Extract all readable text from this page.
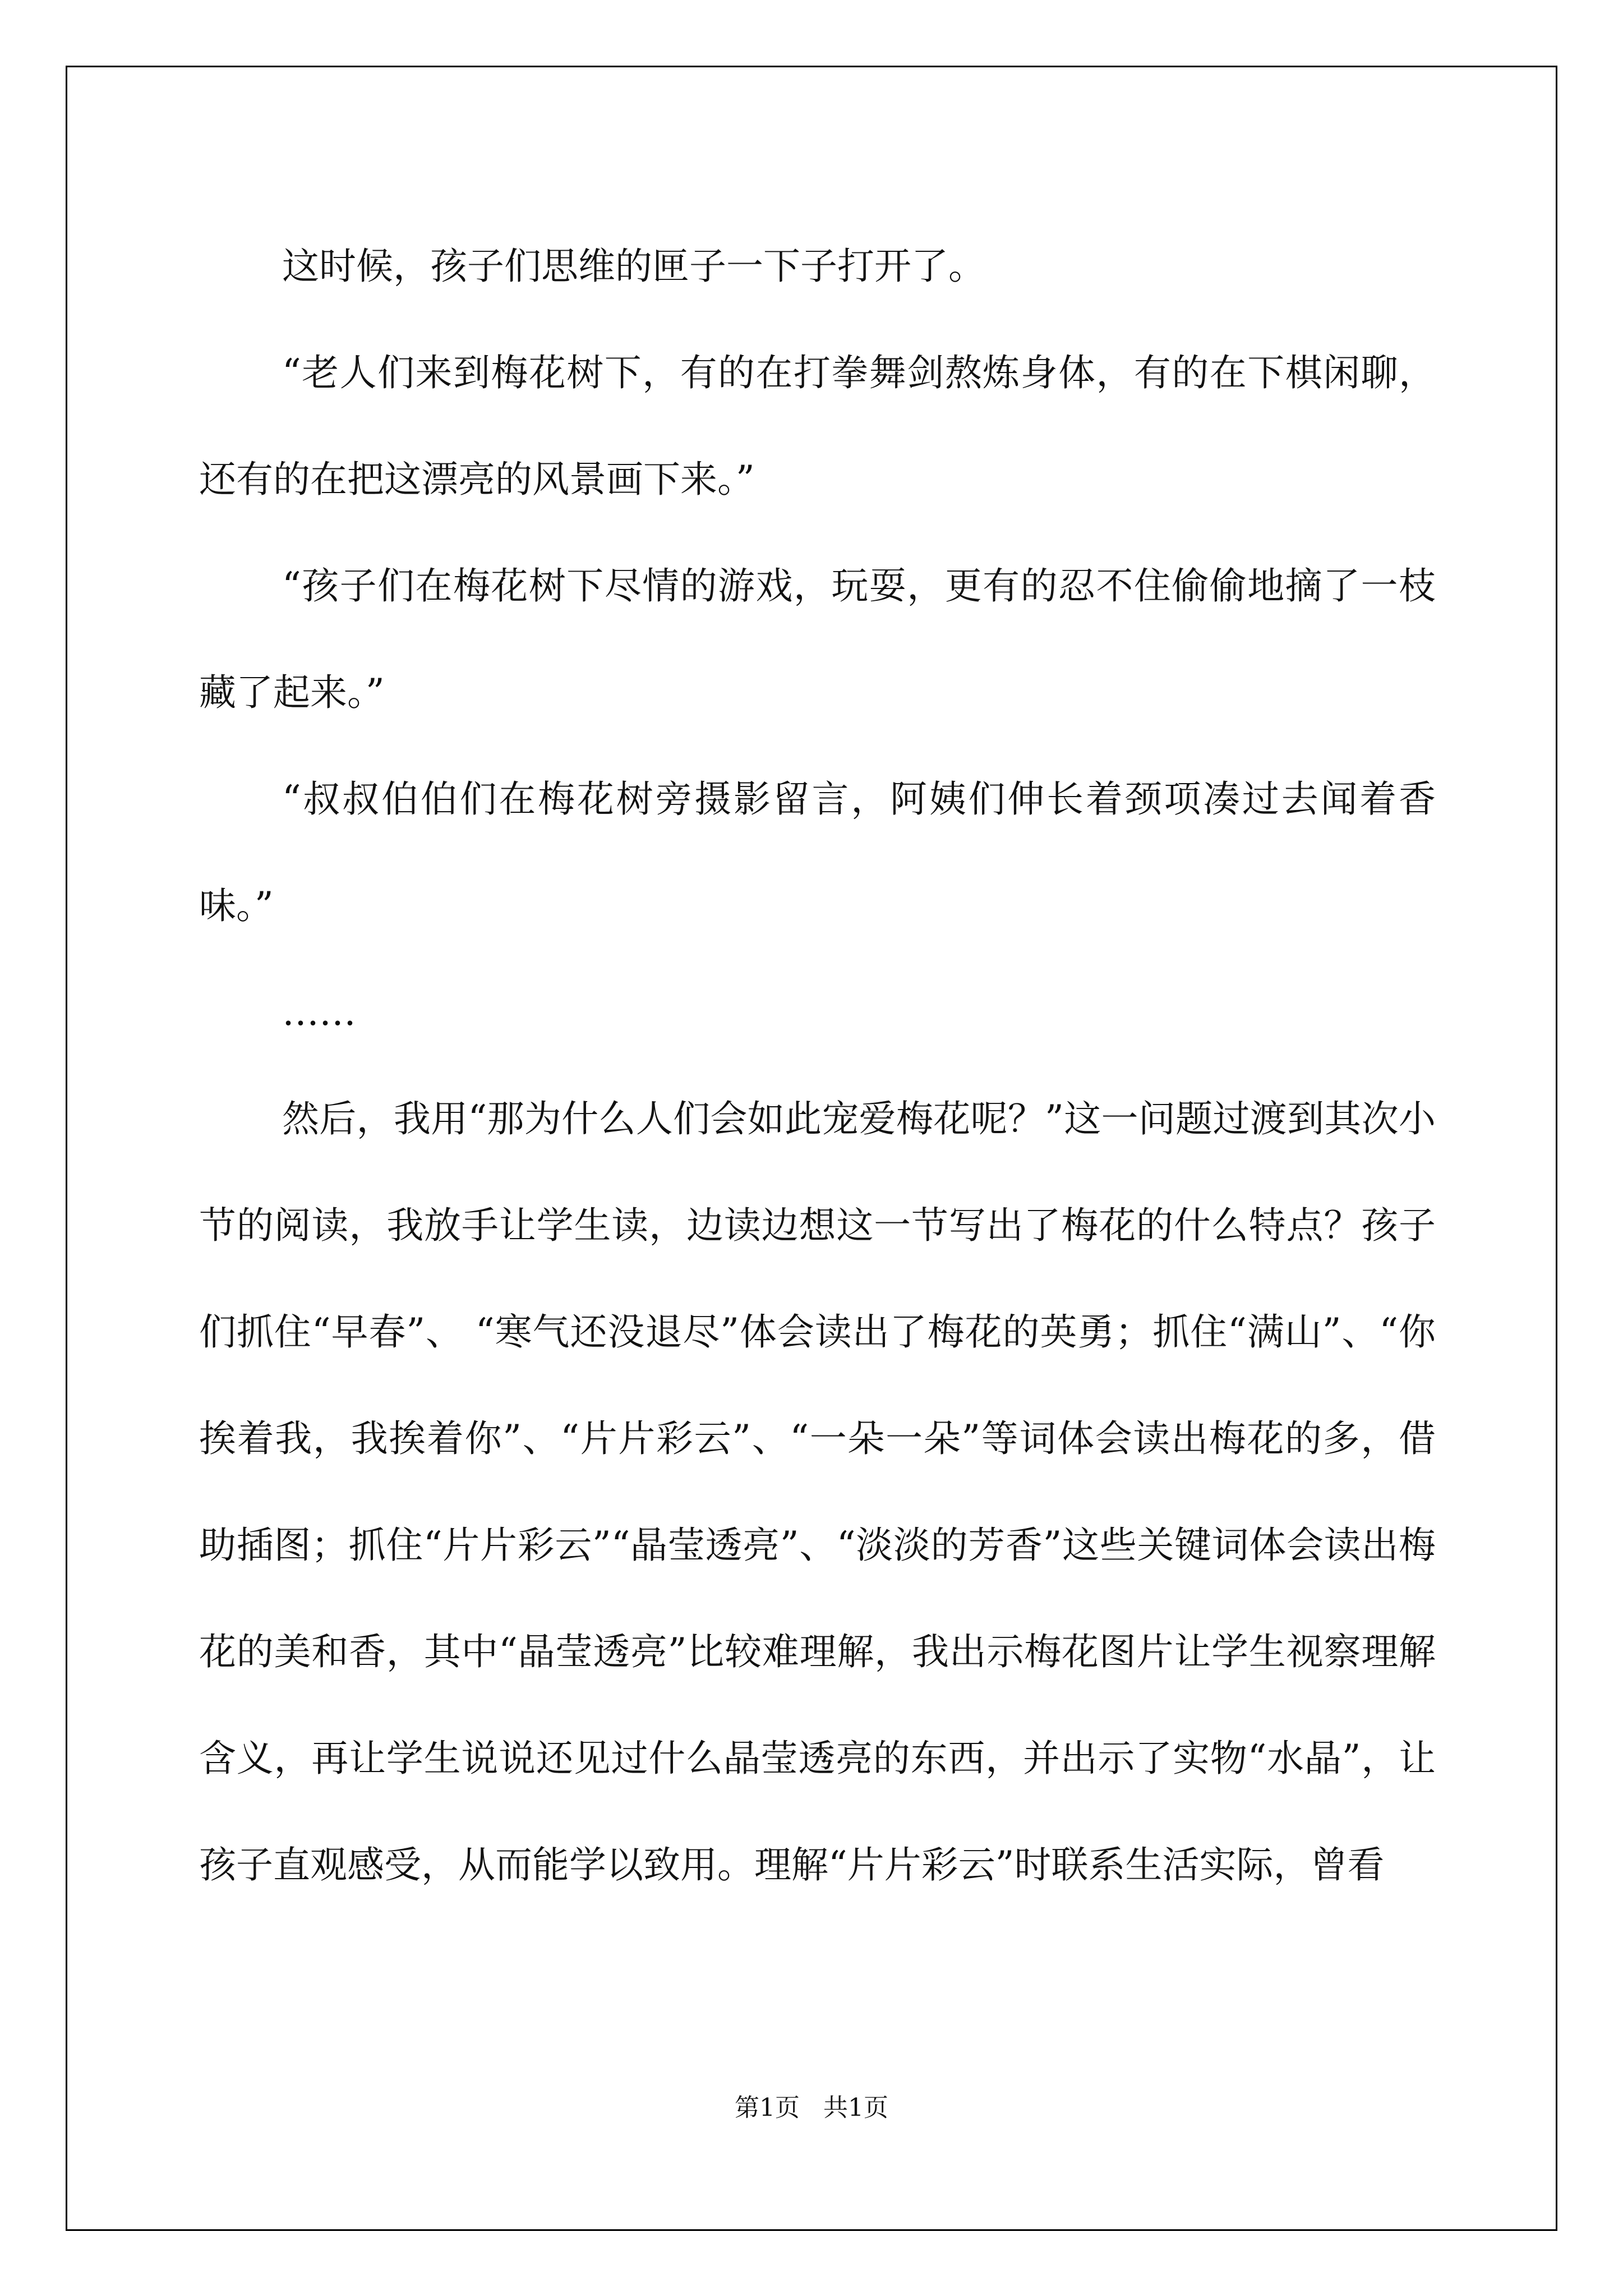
这时候，孩子们思维的匣子一下子打开了。

“老人们来到梅花树下，有的在打拳舞剑熬炼身体，有的在下棋闲聊，还有的在把这漂亮的风景画下来。”

“孩子们在梅花树下尽情的游戏，玩耍，更有的忍不住偷偷地摘了一枝藏了起来。”

“叔叔伯伯们在梅花树旁摄影留言，阿姨们伸长着颈项凑过去闻着香味。”

……

然后，我用“那为什么人们会如此宠爱梅花呢？”这一问题过渡到其次小节的阅读，我放手让学生读，边读边想这一节写出了梅花的什么特点？孩子们抓住“早春”、 “寒气还没退尽”体会读出了梅花的英勇；抓住“满山”、“你挨着我，我挨着你”、“片片彩云”、“一朵一朵”等词体会读出梅花的多，借助插图；抓住“片片彩云”“晶莹透亮”、“淡淡的芳香”这些关键词体会读出梅花的美和香，其中“晶莹透亮”比较难理解，我出示梅花图片让学生视察理解含义，再让学生说说还见过什么晶莹透亮的东西，并出示了实物“水晶”，让孩子直观感受，从而能学以致用。理解“片片彩云”时联系生活实际，曾看

第1页   共1页
